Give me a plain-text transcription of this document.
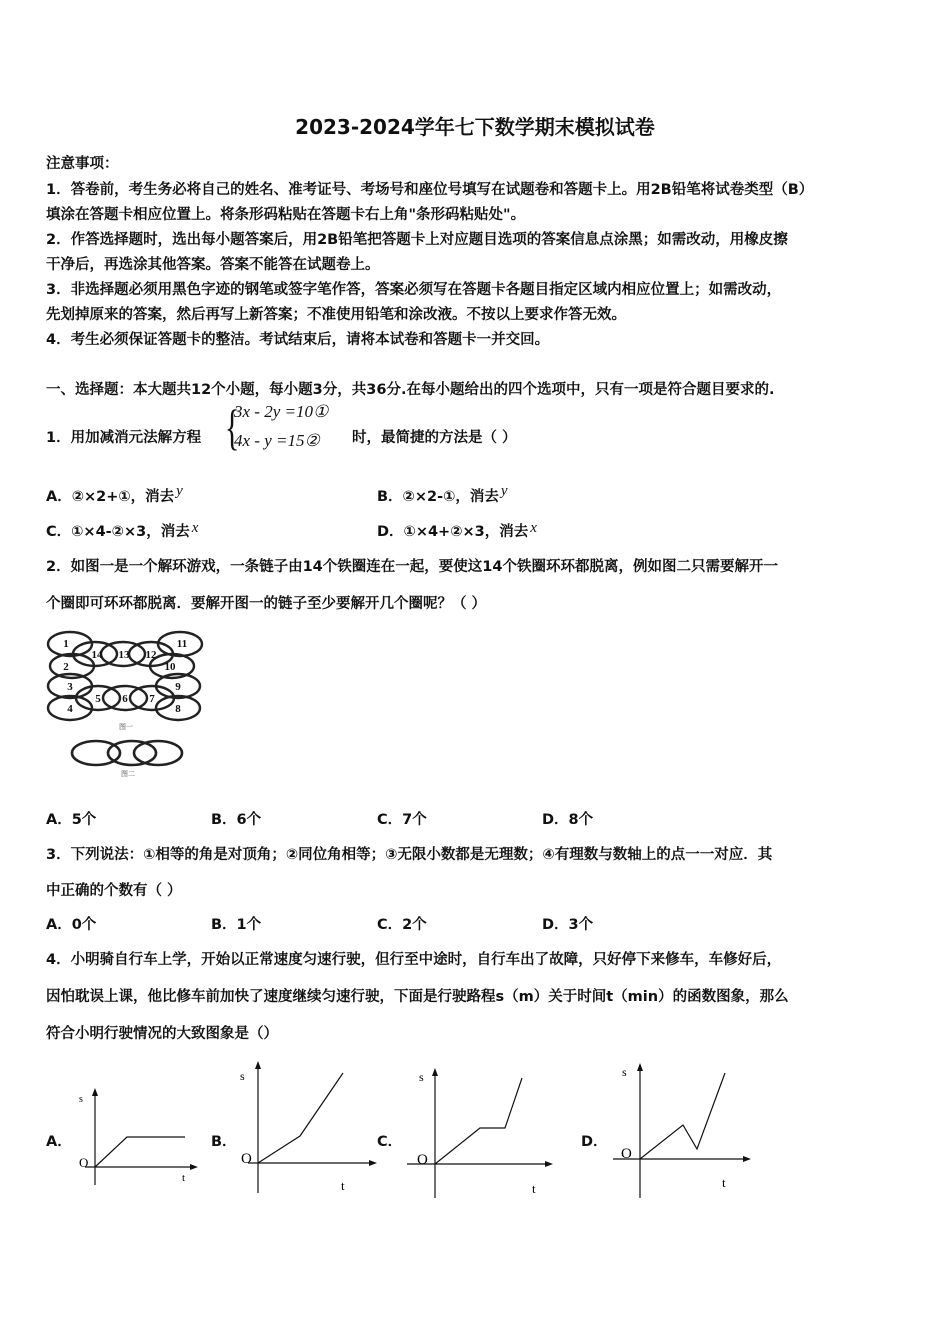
2023-2024学年七下数学期末模拟试卷
注意事项：
1．答卷前，考生务必将自己的姓名、准考证号、考场号和座位号填写在试题卷和答题卡上。用2B铅笔将试卷类型（B）
填涂在答题卡相应位置上。将条形码粘贴在答题卡右上角"条形码粘贴处"。
2．作答选择题时，选出每小题答案后，用2B铅笔把答题卡上对应题目选项的答案信息点涂黑；如需改动，用橡皮擦
干净后，再选涂其他答案。答案不能答在试题卷上。
3．非选择题必须用黑色字迹的钢笔或签字笔作答，答案必须写在答题卡各题目指定区域内相应位置上；如需改动，
先划掉原来的答案，然后再写上新答案；不准使用铅笔和涂改液。不按以上要求作答无效。
4．考生必须保证答题卡的整洁。考试结束后，请将本试卷和答题卡一并交回。
一、选择题：本大题共12个小题，每小题3分，共36分.在每小题给出的四个选项中，只有一项是符合题目要求的.
1．用加减消元法解方程 {
3x - 2y =10①
4x - y =15② 时，最简捷的方法是（ ）
A．②×2+①，消去 y	B．②×2-①，消去 y
C．①×4-②×3，消去 x	D．①×4+②×3，消去 x
2．如图一是一个解环游戏，一条链子由14个铁圈连在一起，要使这14个铁圈环环都脱离，例如图二只需要解开一
个圈即可环环都脱离．要解开图一的链子至少要解开几个圈呢？（ ）
1
14 13 12
11
2	10
3	9
4
5 6 7
8
图一
图二
A．5个	B．6个	C．7个	D．8个
3．下列说法：①相等的角是对顶角；②同位角相等；③无限小数都是无理数；④有理数与数轴上的点一一对应．其
中正确的个数有（ ）
A．0个	B．1个	C．2个	D．3个
4．小明骑自行车上学，开始以正常速度匀速行驶，但行至中途时，自行车出了故障，只好停下来修车，车修好后，
因怕耽误上课，他比修车前加快了速度继续匀速行驶，下面是行驶路程s（m）关于时间t（min）的函数图象，那么
符合小明行驶情况的大致图象是（）
A．
s
O
t
B．
s
O
t
C．
s
O
t
D．
s
O
t
